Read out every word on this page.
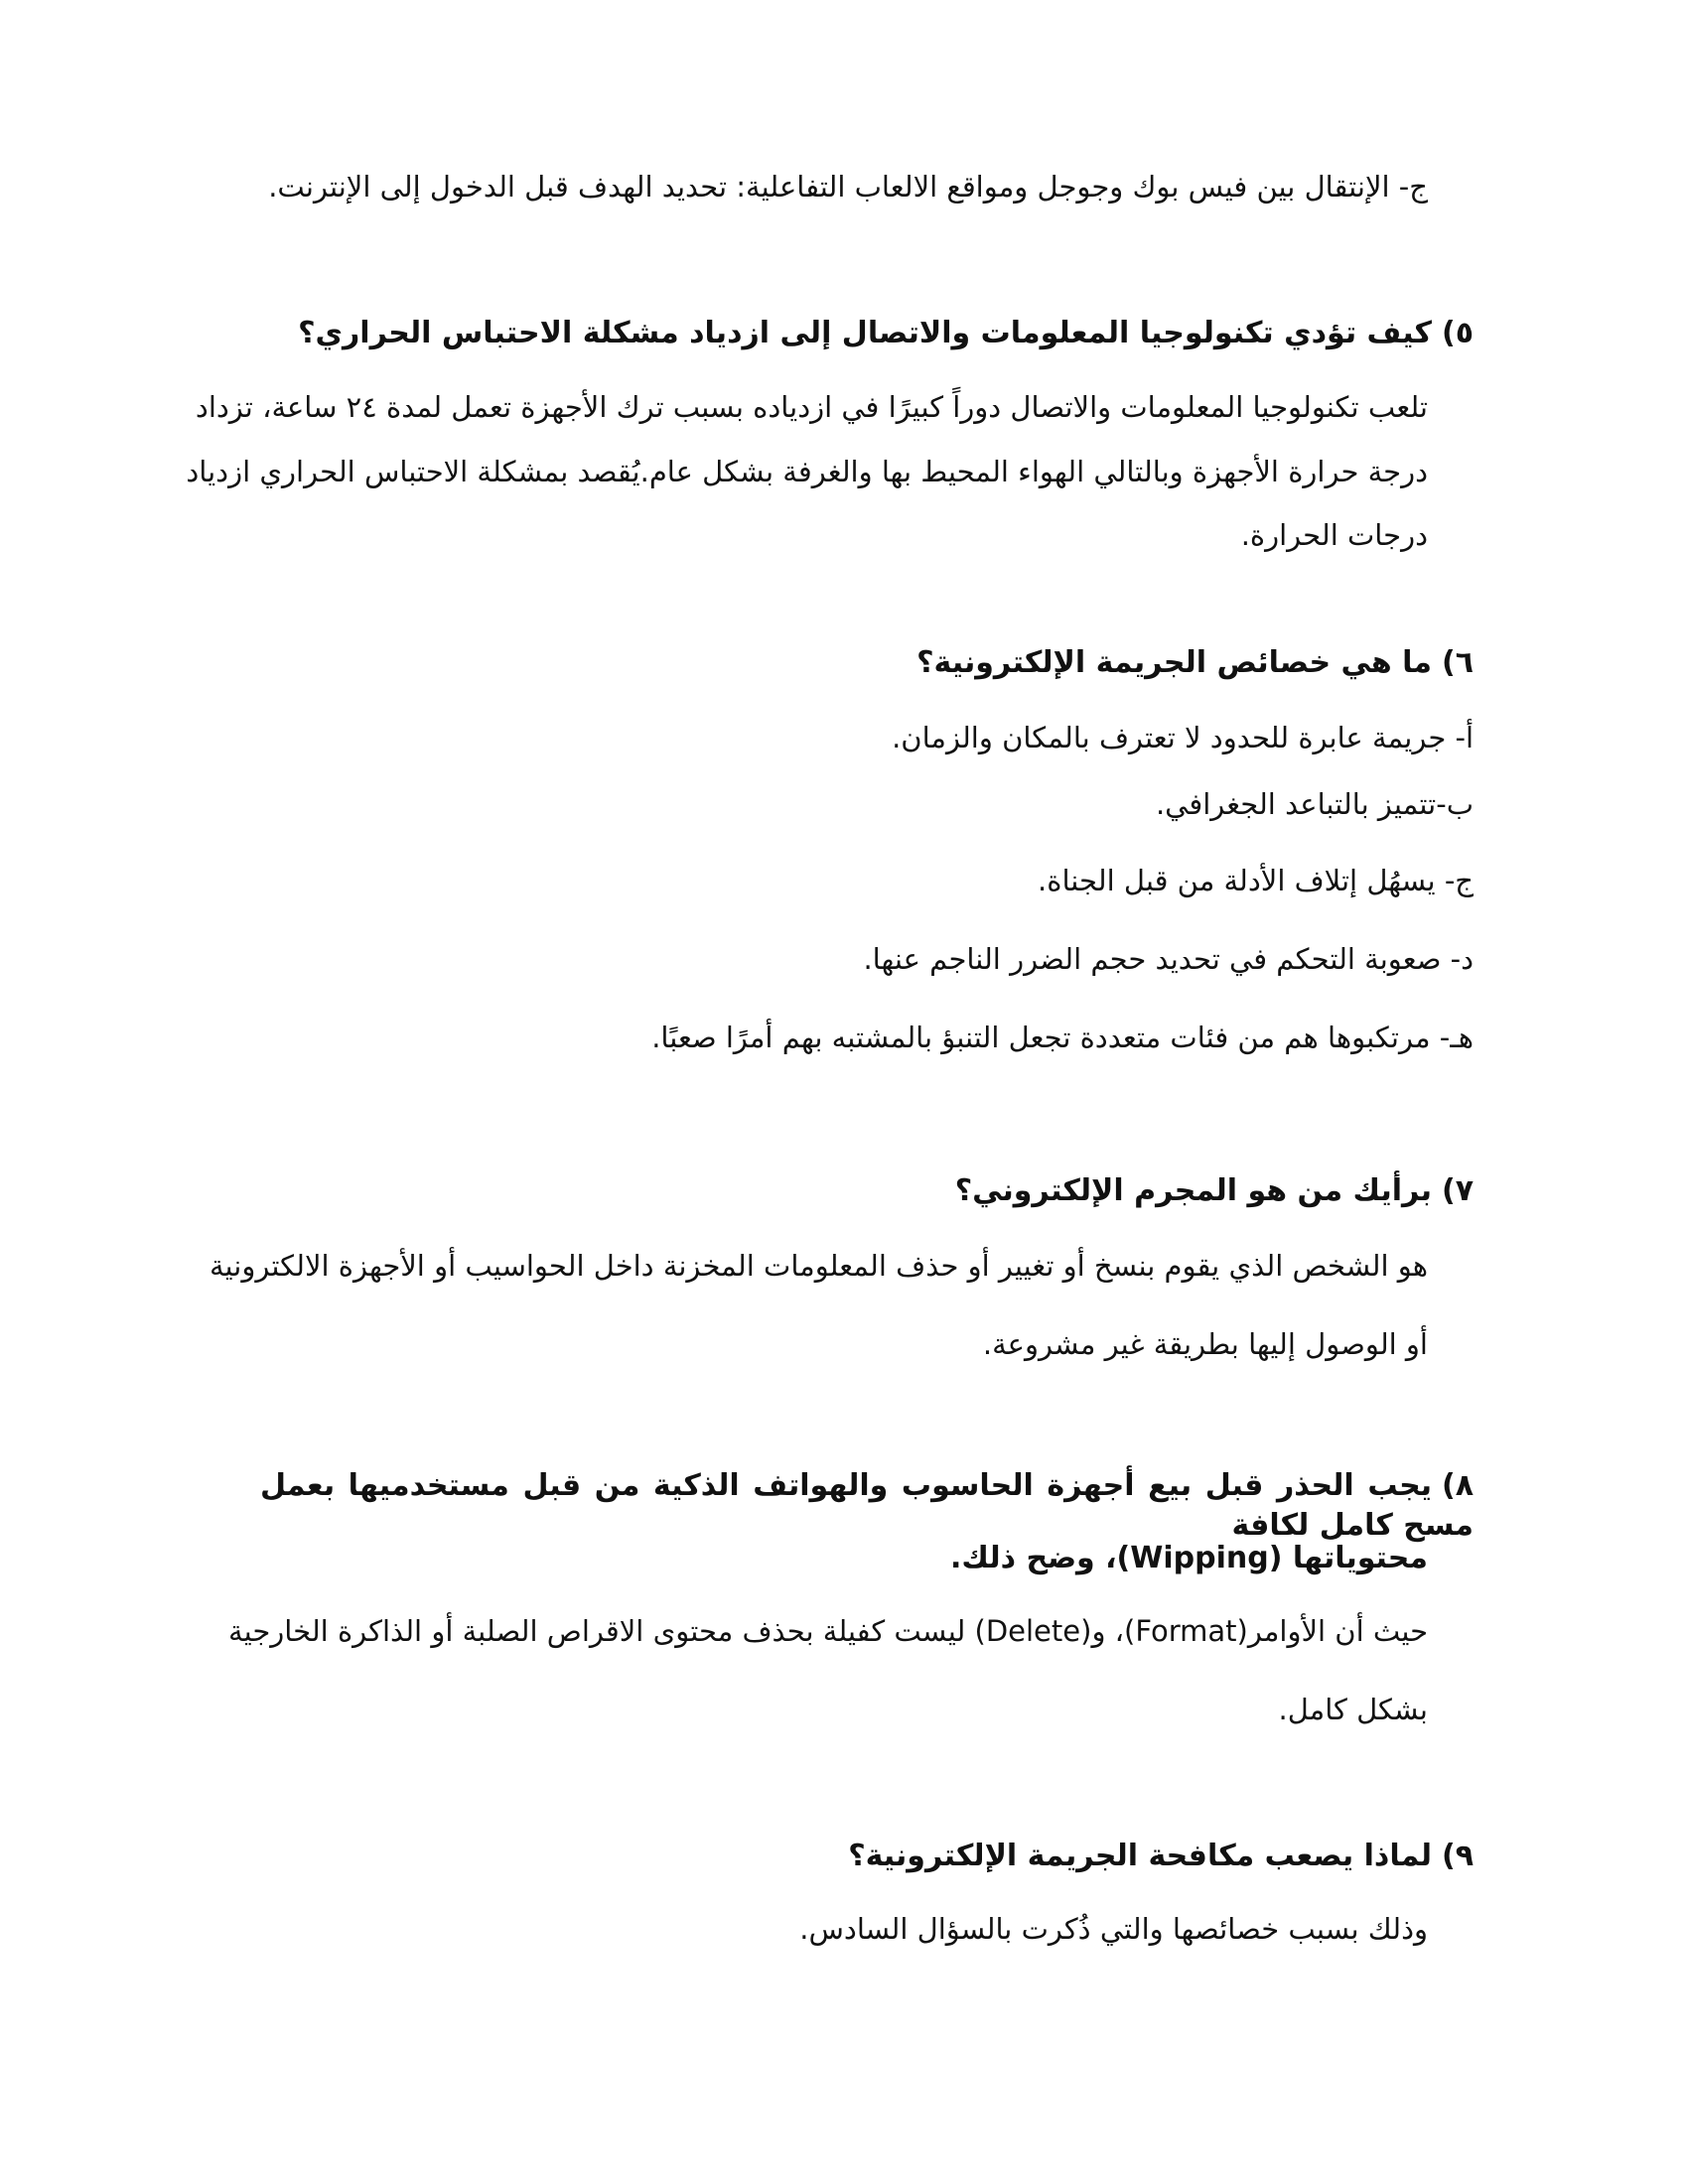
ج- الإنتقال بين فيس بوك وجوجل ومواقع الالعاب التفاعلية: تحديد الهدف قبل الدخول إلى الإنترنت.
٥)كيف تؤدي تكنولوجيا المعلومات والاتصال إلى ازدياد مشكلة الاحتباس الحراري؟
تلعب تكنولوجيا المعلومات والاتصال دوراً كبيرًا في ازدياده بسبب ترك الأجهزة تعمل لمدة ٢٤ ساعة، تزداد
درجة حرارة الأجهزة وبالتالي الهواء المحيط بها والغرفة بشكل عام.يُقصد بمشكلة الاحتباس الحراري ازدياد
درجات الحرارة.
٦)ما هي خصائص الجريمة الإلكترونية؟
أ- جريمة عابرة للحدود لا تعترف بالمكان والزمان.
ب-تتميز بالتباعد الجغرافي.
ج- يسهُل إتلاف الأدلة من قبل الجناة.
د- صعوبة التحكم في تحديد حجم الضرر الناجم عنها.
هـ- مرتكبوها هم من فئات متعددة تجعل التنبؤ بالمشتبه بهم أمرًا صعبًا.
٧)برأيك من هو المجرم الإلكتروني؟
هو الشخص الذي يقوم بنسخ أو تغيير أو حذف المعلومات المخزنة داخل الحواسيب أو الأجهزة الالكترونية
أو الوصول إليها بطريقة غير مشروعة.
٨)يجب الحذر قبل بيع أجهزة الحاسوب والهواتف الذكية من قبل مستخدميها بعمل مسح كامل لكافة
محتوياتها (Wipping)، وضح ذلك.
حيث أن الأوامر(Format)، و(Delete) ليست كفيلة بحذف محتوى الاقراص الصلبة أو الذاكرة الخارجية
بشكل كامل.
٩)لماذا يصعب مكافحة الجريمة الإلكترونية؟
وذلك بسبب خصائصها والتي ذُكرت بالسؤال السادس.
